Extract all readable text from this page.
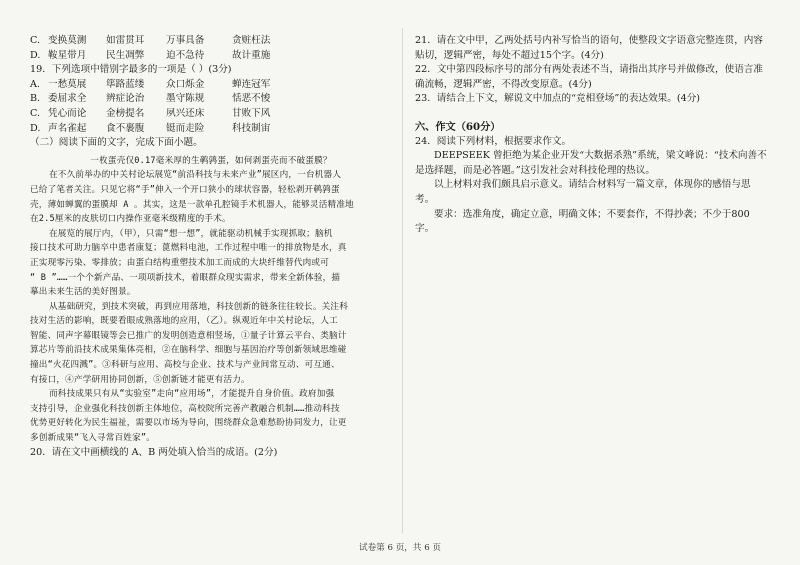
C. 变换莫测	如雷贯耳	万事具备	贪赃枉法
D. 鞍星带月	民生凋弊	迫不急待	故计重施
19．下列选项中错别字最多的一项是（ ）(3分)
A. 一愁莫展	筚路蓝缕	众口烁金	蝉连冠军
B. 委屈求全	辨症论治	墨守陈规	恬恶不悛
C. 凭心而论	金榜提名	夙兴还床	甘败下风
D. 声名雀起	食不裹腹	铤而走险	科技制宙
（二）阅读下面的文字，完成下面小题。
一枚蛋壳仅0.17毫米厚的生鹌鹑蛋，如何剥蛋壳而不破蛋膜？
在不久前举办的中关村论坛展览“前沿科技与未来产业”展区内，一台机器人
已给了笔者关注。只见它将“手”伸入一个开口狭小的球状容器，轻松剥开鹌鹑蛋
壳，薄如蝉翼的蛋膜却 A 。其实，这是一款单孔腔镜手术机器人，能够灵活精准地
在2.5厘米的皮肤切口内操作亚毫米级精度的手术。
在展览的展厅内，（甲），只需“想一想”，就能驱动机械手实现抓取；脑机
接口技术可助力脑卒中患者康复；蓖燃料电池，工作过程中唯一的排放物是水，真
正实现零污染、零排放；由蛋白结构重塑技术加工而成的大块纤维替代肉或可
“ B ”……一个个新产品、一项项新技术，着眼群众现实需求，带来全新体验，描
摹出未来生活的美好图景。
从基础研究，到技术突破，再到应用落地，科技创新的链条往往较长。关注科
技对生活的影响，既要看眼成熟落地的应用，（乙）。纵观近年中关村论坛，人工
智能、同声字幕眼镜等会已推广的发明创造意相竖场，①量子计算云平台、类脑计
算芯片等前沿技术成果集体亮相，②在脑科学、细胞与基因治疗等创新领域思维碰
撞出“火花四溅”。③科研与应用、高校与企业、技术与产业间常互动、可互通、
有接口，④产学研用协同创新，⑤创新链才能更有活力。
而科技成果只有从“实验室”走向“应用场”，才能提升自身价值。政府加强
支持引导，企业强化科技创新主体地位，高校院所完善产教融合机制……推动科技
优势更好转化为民生福祉，需要以市场为导向，围绕群众急难愁盼协同发力，让更
多创新成果“飞入寻常百姓家”。
20．请在文中画横线的 A、B 两处填入恰当的成语。(2分)
21．请在文中甲，乙两处括号内补写恰当的语句，使整段文字语意完整连贯，内容
贴切，逻辑严密，每处不超过15个字。(4分)
22．文中第四段标序号的部分有两处表述不当，请指出其序号并做修改，使语言准
确流畅，逻辑严密，不得改变原意。(4分)
23．请结合上下文，解说文中加点的“竞相登场”的表达效果。(4分)
六、作文（60分）
24．阅读下列材料，根据要求作文。
DEEPSEEK 曾拒绝为某企业开发“大数据杀熟”系统，梁文峰说：“技术向善不
是选择题，而是必答题。”这引发社会对科技伦理的热议。
以上材料对我们颇具启示意义。请结合材料写一篇文章，体现你的感悟与思
考。
要求：选准角度，确定立意，明确文体；不要套作，不得抄袭；不少于800
字。
试卷第 6 页，共 6 页
